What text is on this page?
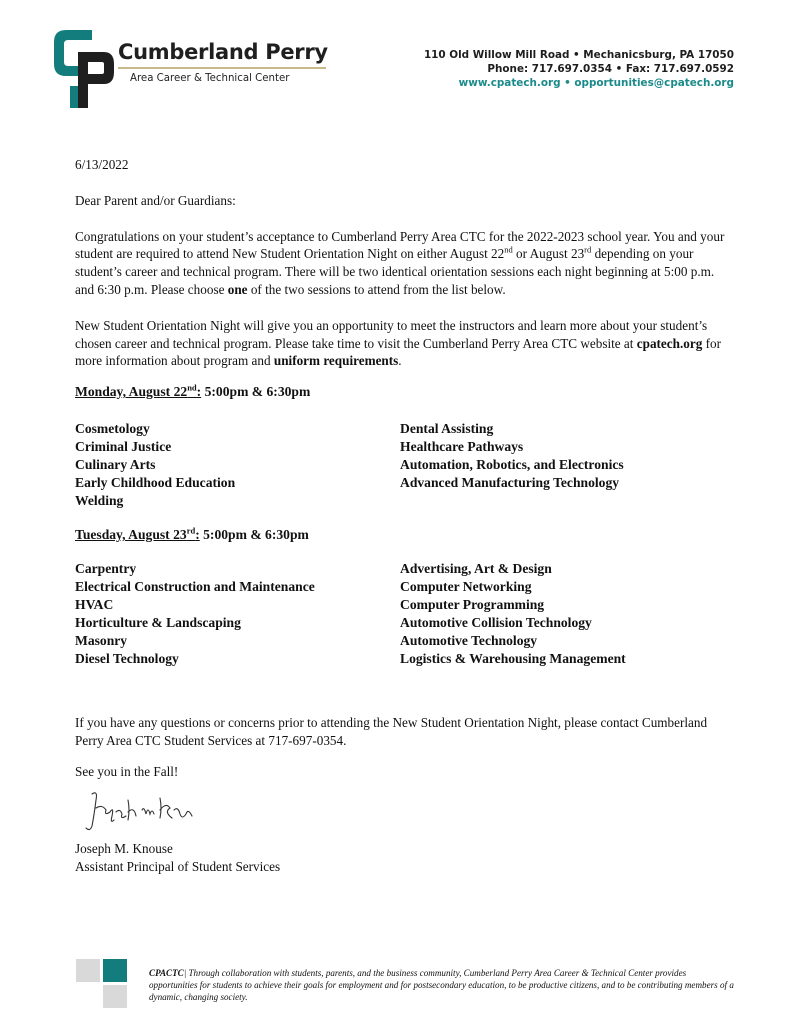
Cumberland Perry
Area Career & Technical Center
110 Old Willow Mill Road • Mechanicsburg, PA 17050
Phone: 717.697.0354 • Fax: 717.697.0592
www.cpatech.org • opportunities@cpatech.org

6/13/2022

Dear Parent and/or Guardians:

Congratulations on your student’s acceptance to Cumberland Perry Area CTC for the 2022-2023 school year. You and your student are required to attend New Student Orientation Night on either August 22nd or August 23rd depending on your student’s career and technical program. There will be two identical orientation sessions each night beginning at 5:00 p.m. and 6:30 p.m. Please choose one of the two sessions to attend from the list below.

New Student Orientation Night will give you an opportunity to meet the instructors and learn more about your student’s chosen career and technical program. Please take time to visit the Cumberland Perry Area CTC website at cpatech.org for more information about program and uniform requirements.

Monday, August 22nd: 5:00pm & 6:30pm
Cosmetology
Criminal Justice
Culinary Arts
Early Childhood Education
Welding
Dental Assisting
Healthcare Pathways
Automation, Robotics, and Electronics
Advanced Manufacturing Technology
Tuesday, August 23rd: 5:00pm & 6:30pm
Carpentry
Electrical Construction and Maintenance
HVAC
Horticulture & Landscaping
Masonry
Diesel Technology
Advertising, Art & Design
Computer Networking
Computer Programming
Automotive Collision Technology
Automotive Technology
Logistics & Warehousing Management

If you have any questions or concerns prior to attending the New Student Orientation Night, please contact Cumberland Perry Area CTC Student Services at 717-697-0354.

See you in the Fall!
Joseph M. Knouse
Assistant Principal of Student Services
CPACTC| Through collaboration with students, parents, and the business community, Cumberland Perry Area Career & Technical Center provides opportunities for students to achieve their goals for employment and for postsecondary education, to be productive citizens, and to be contributing members of a dynamic, changing society.
